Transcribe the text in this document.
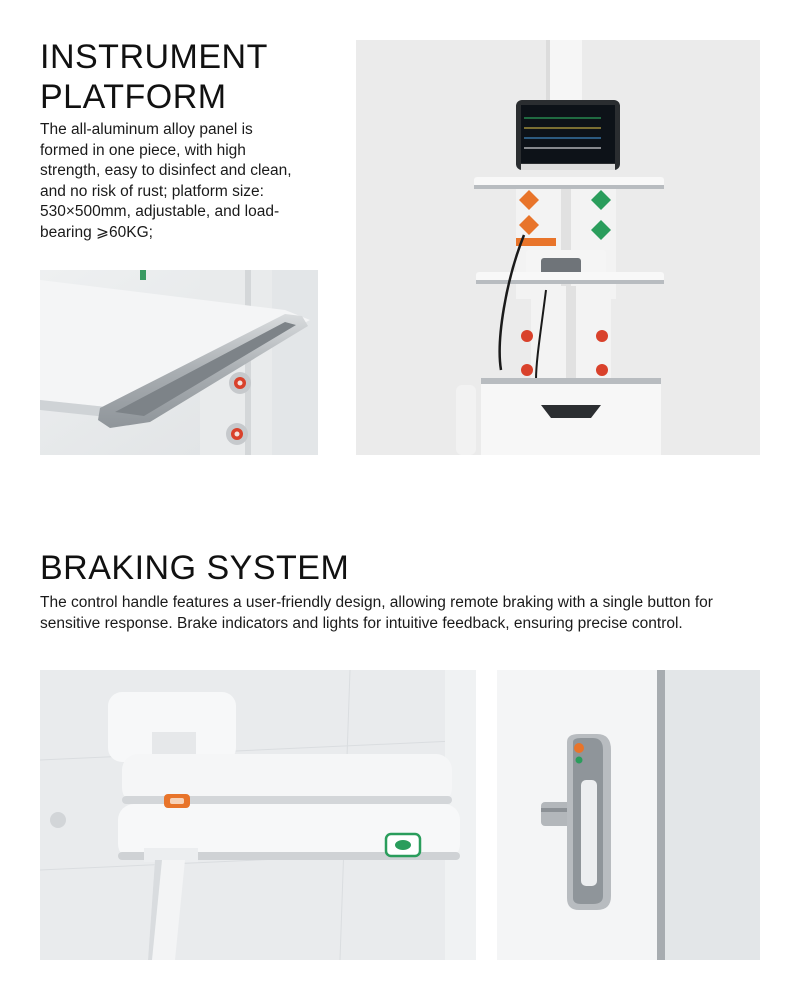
INSTRUMENT
PLATFORM
The all-aluminum alloy panel is
formed in one piece, with high
strength, easy to disinfect and clean,
and no risk of rust; platform size:
530×500mm, adjustable, and load-
bearing ⩾60KG;
BRAKING SYSTEM
The control handle features a user-friendly design, allowing remote braking with a single button for
sensitive response. Brake indicators and lights for intuitive feedback, ensuring precise control.
